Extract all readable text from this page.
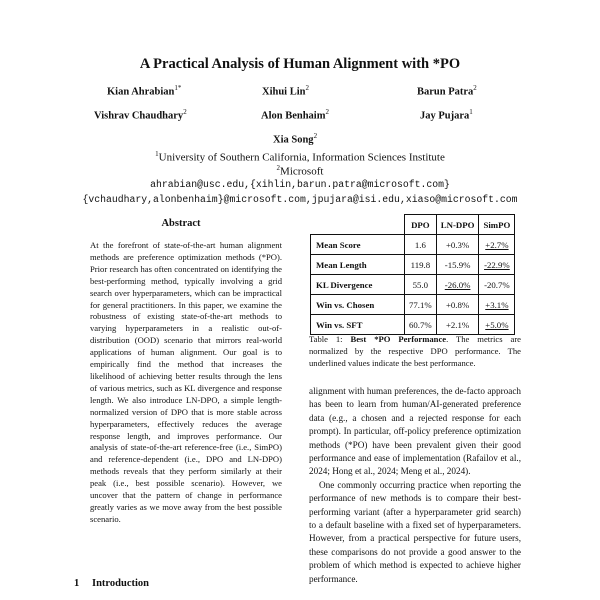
A Practical Analysis of Human Alignment with *PO
Kian Ahrabian$^{1*}$	Xihui Lin$^2$	Barun Patra$^2$
Vishrav Chaudhary$^2$	Alon Benhaim$^2$	Jay Pujara$^1$
Xia Song$^2$
$^1$University of Southern California, Information Sciences Institute
$^2$Microsoft
ahrabian@usc.edu,{xihlin,barun.patra@microsoft.com}
{vchaudhary,alonbenhaim}@microsoft.com,jpujara@isi.edu,xiaso@microsoft.com
Abstract
At the forefront of state-of-the-art human alignment methods are preference optimization methods (*PO). Prior research has often concentrated on identifying the best-performing method, typically involving a grid search over hyperparameters, which can be impractical for general practitioners. In this paper, we examine the robustness of existing state-of-the-art methods to varying hyperparameters in a realistic out-of-distribution (OOD) scenario that mirrors real-world applications of human alignment. Our goal is to empirically find the method that increases the likelihood of achieving better results through the lens of various metrics, such as KL divergence and response length. We also introduce LN-DPO, a simple length-normalized version of DPO that is more stable across hyperparameters, effectively reduces the average response length, and improves performance. Our analysis of state-of-the-art reference-free (i.e., SimPO) and reference-dependent (i.e., DPO and LN-DPO) methods reveals that they perform similarly at their peak (i.e., best possible scenario). However, we uncover that the pattern of change in performance greatly varies as we move away from the best possible scenario.
1 Introduction
	DPO	LN-DPO	SimPO
Mean Score	1.6	+0.3%	+2.7%
Mean Length	119.8	-15.9%	-22.9%
KL Divergence	55.0	-26.0%	-20.7%
Win vs. Chosen	77.1%	+0.8%	+3.1%
Win vs. SFT	60.7%	+2.1%	+5.0%
Table 1: Best *PO Performance. The metrics are normalized by the respective DPO performance. The underlined values indicate the best performance.

alignment with human preferences, the de-facto approach has been to learn from human/AI-generated preference data (e.g., a chosen and a rejected response for each prompt). In particular, off-policy preference optimization methods (*PO) have been prevalent given their good performance and ease of implementation (Rafailov et al., 2024; Hong et al., 2024; Meng et al., 2024).

One commonly occurring practice when reporting the performance of new methods is to compare their best-performing variant (after a hyperparameter grid search) to a default baseline with a fixed set of hyperparameters. However, from a practical perspective for future users, these comparisons do not provide a good answer to the problem of which method is expected to achieve higher performance.
